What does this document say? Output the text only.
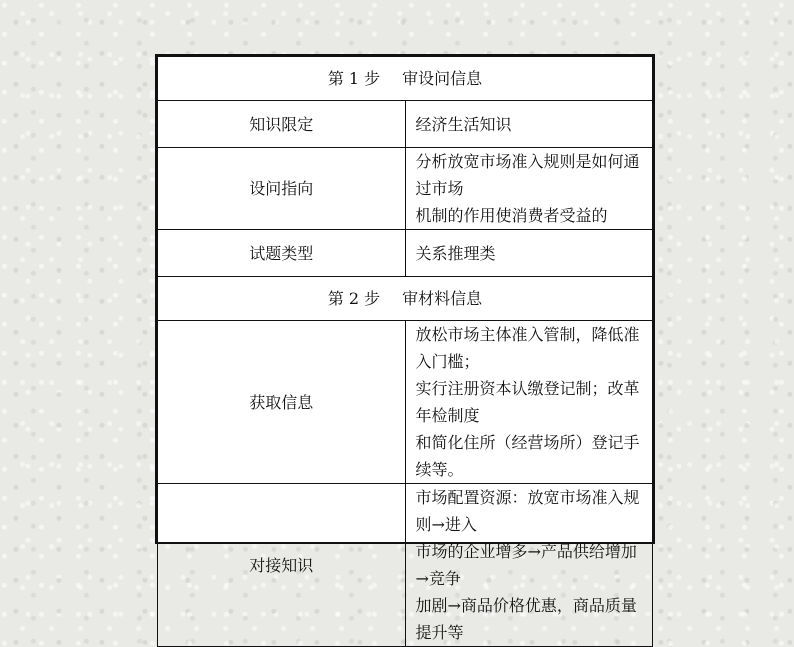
第 1 步 审设问信息	
知识限定	经济生活知识

设问指向	分析放宽市场准入规则是如何通过市场
机制的作用使消费者受益的

试题类型	关系推理类

第 2 步 审材料信息	
获取信息	放松市场主体准入管制，降低准入门槛；
实行注册资本认缴登记制；改革年检制度
和简化住所（经营场所）登记手续等。

对接知识	市场配置资源：放宽市场准入规则→进入
市场的企业增多→产品供给增加→竞争
加剧→商品价格优惠，商品质量提升等
